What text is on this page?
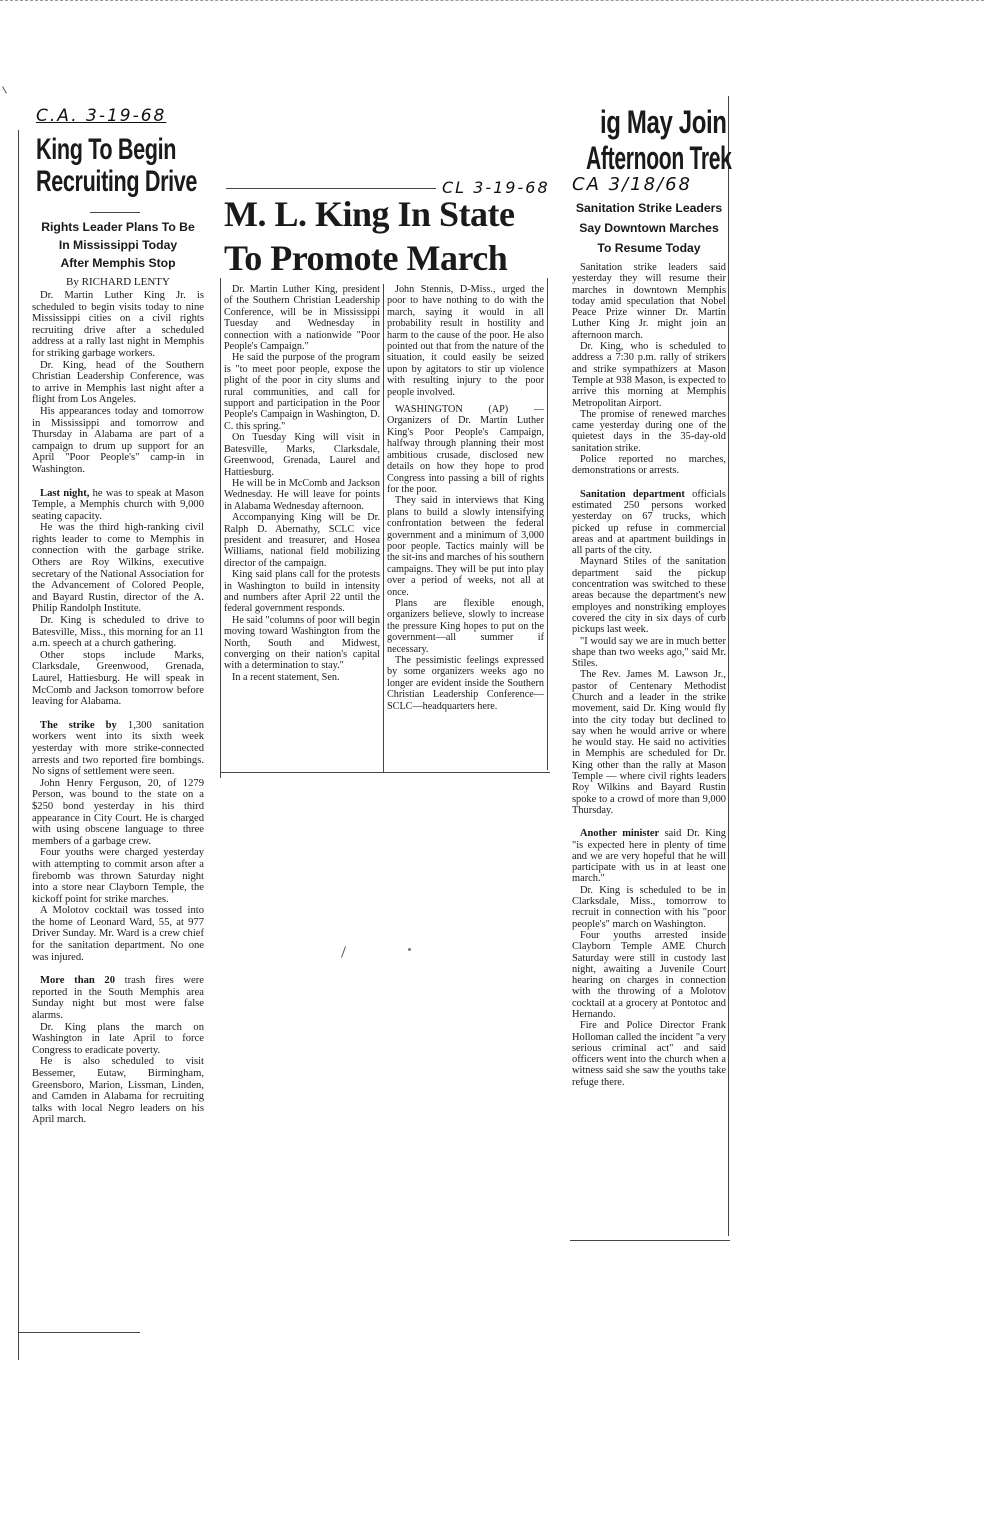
C.A. 3-19-68
King To Begin
Recruiting Drive
Rights Leader Plans To Be
In Mississippi Today
After Memphis Stop
By RICHARD LENTY

Dr. Martin Luther King Jr. is scheduled to begin visits today to nine Mississippi cities on a civil rights recruiting drive after a scheduled address at a rally last night in Memphis for striking garbage workers.

Dr. King, head of the Southern Christian Leadership Conference, was to arrive in Memphis last night after a flight from Los Angeles.

His appearances today and tomorrow in Mississippi and tomorrow and Thursday in Alabama are part of a campaign to drum up support for an April "Poor People's" camp-in in Washington.

Last night, he was to speak at Mason Temple, a Memphis church with 9,000 seating capacity.

He was the third high-ranking civil rights leader to come to Memphis in connection with the garbage strike. Others are Roy Wilkins, executive secretary of the National Association for the Advancement of Colored People, and Bayard Rustin, director of the A. Philip Randolph Institute.

Dr. King is scheduled to drive to Batesville, Miss., this morning for an 11 a.m. speech at a church gathering.

Other stops include Marks, Clarksdale, Greenwood, Grenada, Laurel, Hattiesburg. He will speak in McComb and Jackson tomorrow before leaving for Alabama.

The strike by 1,300 sanitation workers went into its sixth week yesterday with more strike-connected arrests and two reported fire bombings. No signs of settlement were seen.

John Henry Ferguson, 20, of 1279 Person, was bound to the state on a $250 bond yesterday in his third appearance in City Court. He is charged with using obscene language to three members of a garbage crew.

Four youths were charged yesterday with attempting to commit arson after a firebomb was thrown Saturday night into a store near Clayborn Temple, the kickoff point for strike marches.

A Molotov cocktail was tossed into the home of Leonard Ward, 55, at 977 Driver Sunday. Mr. Ward is a crew chief for the sanitation department. No one was injured.

More than 20 trash fires were reported in the South Memphis area Sunday night but most were false alarms.

Dr. King plans the march on Washington in late April to force Congress to eradicate poverty.

He is also scheduled to visit Bessemer, Eutaw, Birmingham, Greensboro, Marion, Lissman, Linden, and Camden in Alabama for recruiting talks with local Negro leaders on his April march.

CL 3-19-68
M. L. King In State
To Promote March

Dr. Martin Luther King, president of the Southern Christian Leadership Conference, will be in Mississippi Tuesday and Wednesday in connection with a nationwide "Poor People's Campaign."

He said the purpose of the program is "to meet poor people, expose the plight of the poor in city slums and rural communities, and call for support and participation in the Poor People's Campaign in Washington, D. C. this spring."

On Tuesday King will visit in Batesville, Marks, Clarksdale, Greenwood, Grenada, Laurel and Hattiesburg.

He will be in McComb and Jackson Wednesday. He will leave for points in Alabama Wednesday afternoon.

Accompanying King will be Dr. Ralph D. Abernathy, SCLC vice president and treasurer, and Hosea Williams, national field mobilizing director of the campaign.

King said plans call for the protests in Washington to build in intensity and numbers after April 22 until the federal government responds.

He said "columns of poor will begin moving toward Washington from the North, South and Midwest, converging on their nation's capital with a determination to stay."

In a recent statement, Sen.

John Stennis, D-Miss., urged the poor to have nothing to do with the march, saying it would in all probability result in hostility and harm to the cause of the poor. He also pointed out that from the nature of the situation, it could easily be seized upon by agitators to stir up violence with resulting injury to the poor people involved.

WASHINGTON (AP) — Organizers of Dr. Martin Luther King's Poor People's Campaign, halfway through planning their most ambitious crusade, disclosed new details on how they hope to prod Congress into passing a bill of rights for the poor.

They said in interviews that King plans to build a slowly intensifying confrontation between the federal government and a minimum of 3,000 poor people. Tactics mainly will be the sit-ins and marches of his southern campaigns. They will be put into play over a period of weeks, not all at once.

Plans are flexible enough, organizers believe, slowly to increase the pressure King hopes to put on the government—all summer if necessary.

The pessimistic feelings expressed by some organizers weeks ago no longer are evident inside the Southern Christian Leadership Conference—SCLC—headquarters here.

ig May Join
Afternoon Trek
CA 3/18/68
Sanitation Strike Leaders
Say Downtown Marches
To Resume Today

Sanitation strike leaders said yesterday they will resume their marches in downtown Memphis today amid speculation that Nobel Peace Prize winner Dr. Martin Luther King Jr. might join an afternoon march.

Dr. King, who is scheduled to address a 7:30 p.m. rally of strikers and strike sympathizers at Mason Temple at 938 Mason, is expected to arrive this morning at Memphis Metropolitan Airport.

The promise of renewed marches came yesterday during one of the quietest days in the 35-day-old sanitation strike.

Police reported no marches, demonstrations or arrests.

Sanitation department officials estimated 250 persons worked yesterday on 67 trucks, which picked up refuse in commercial areas and at apartment buildings in all parts of the city.

Maynard Stiles of the sanitation department said the pickup concentration was switched to these areas because the department's new employes and nonstriking employes covered the city in six days of curb pickups last week.

"I would say we are in much better shape than two weeks ago," said Mr. Stiles.

The Rev. James M. Lawson Jr., pastor of Centenary Methodist Church and a leader in the strike movement, said Dr. King would fly into the city today but declined to say when he would arrive or where he would stay. He said no activities in Memphis are scheduled for Dr. King other than the rally at Mason Temple — where civil rights leaders Roy Wilkins and Bayard Rustin spoke to a crowd of more than 9,000 Thursday.

Another minister said Dr. King "is expected here in plenty of time and we are very hopeful that he will participate with us in at least one march."

Dr. King is scheduled to be in Clarksdale, Miss., tomorrow to recruit in connection with his "poor people's" march on Washington.

Four youths arrested inside Clayborn Temple AME Church Saturday were still in custody last night, awaiting a Juvenile Court hearing on charges in connection with the throwing of a Molotov cocktail at a grocery at Pontotoc and Hernando.

Fire and Police Director Frank Holloman called the incident "a very serious criminal act" and said officers went into the church when a witness said she saw the youths take refuge there.
